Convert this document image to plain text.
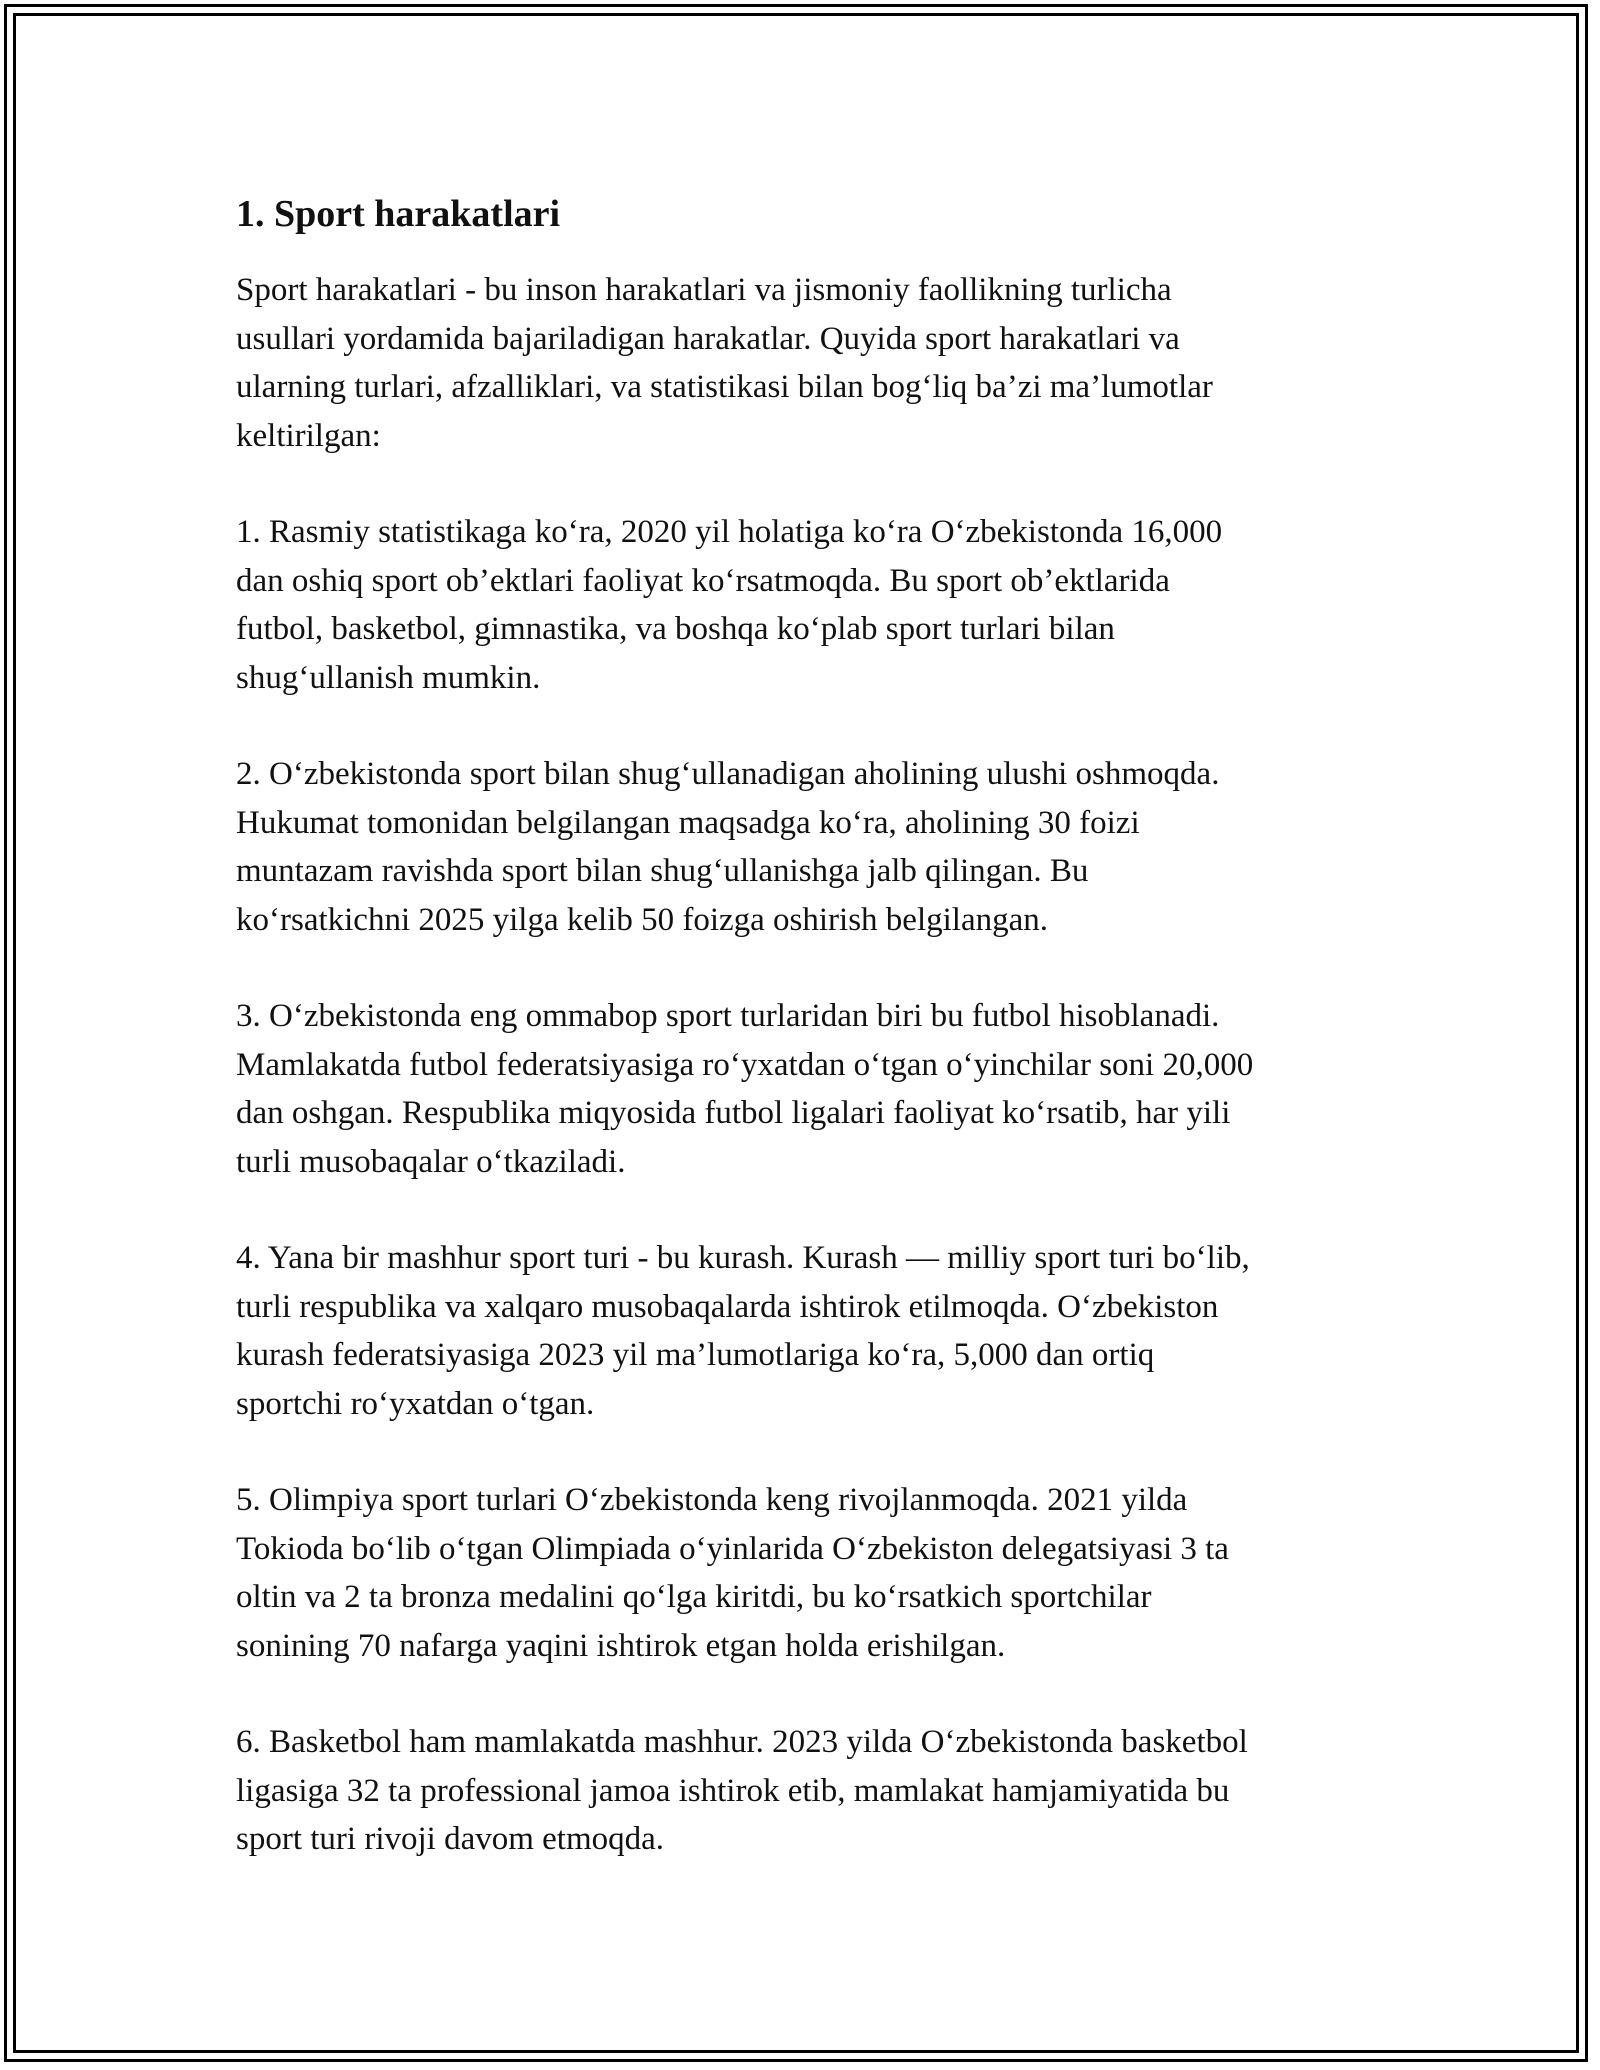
1. Sport harakatlari

Sport harakatlari - bu inson harakatlari va jismoniy faollikning turlicha
usullari yordamida bajariladigan harakatlar. Quyida sport harakatlari va
ularning turlari, afzalliklari, va statistikasi bilan bog‘liq ba’zi ma’lumotlar
keltirilgan:

1. Rasmiy statistikaga ko‘ra, 2020 yil holatiga ko‘ra O‘zbekistonda 16,000
dan oshiq sport ob’ektlari faoliyat ko‘rsatmoqda. Bu sport ob’ektlarida
futbol, basketbol, gimnastika, va boshqa ko‘plab sport turlari bilan
shug‘ullanish mumkin.

2. O‘zbekistonda sport bilan shug‘ullanadigan aholining ulushi oshmoqda.
Hukumat tomonidan belgilangan maqsadga ko‘ra, aholining 30 foizi
muntazam ravishda sport bilan shug‘ullanishga jalb qilingan. Bu
ko‘rsatkichni 2025 yilga kelib 50 foizga oshirish belgilangan.

3. O‘zbekistonda eng ommabop sport turlaridan biri bu futbol hisoblanadi.
Mamlakatda futbol federatsiyasiga ro‘yxatdan o‘tgan o‘yinchilar soni 20,000
dan oshgan. Respublika miqyosida futbol ligalari faoliyat ko‘rsatib, har yili
turli musobaqalar o‘tkaziladi.

4. Yana bir mashhur sport turi - bu kurash. Kurash — milliy sport turi bo‘lib,
turli respublika va xalqaro musobaqalarda ishtirok etilmoqda. O‘zbekiston
kurash federatsiyasiga 2023 yil ma’lumotlariga ko‘ra, 5,000 dan ortiq
sportchi ro‘yxatdan o‘tgan.

5. Olimpiya sport turlari O‘zbekistonda keng rivojlanmoqda. 2021 yilda
Tokioda bo‘lib o‘tgan Olimpiada o‘yinlarida O‘zbekiston delegatsiyasi 3 ta
oltin va 2 ta bronza medalini qo‘lga kiritdi, bu ko‘rsatkich sportchilar
sonining 70 nafarga yaqini ishtirok etgan holda erishilgan.

6. Basketbol ham mamlakatda mashhur. 2023 yilda O‘zbekistonda basketbol
ligasiga 32 ta professional jamoa ishtirok etib, mamlakat hamjamiyatida bu
sport turi rivoji davom etmoqda.
